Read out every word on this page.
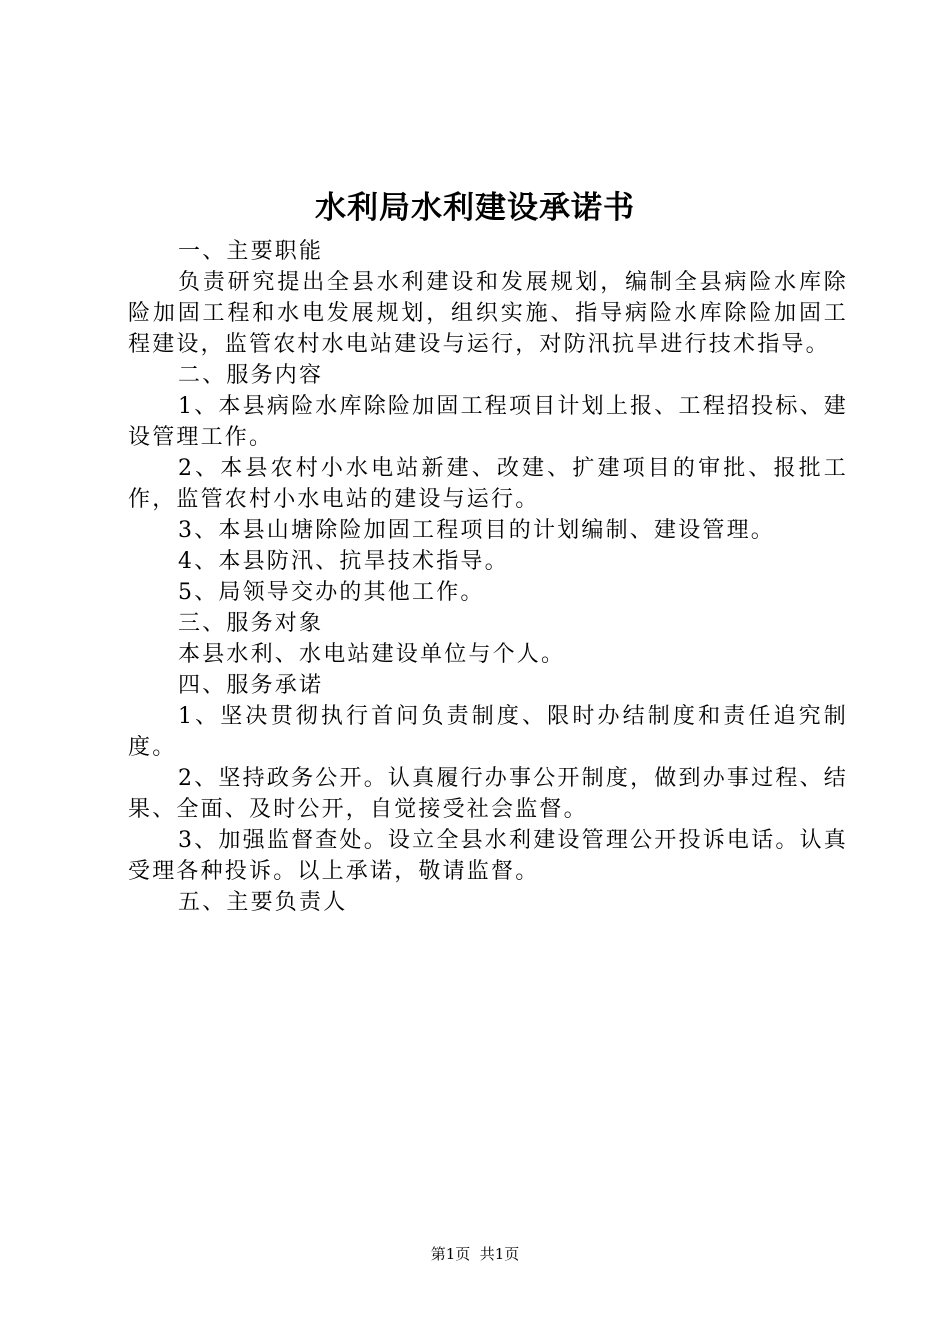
水利局水利建设承诺书

一、主要职能

负责研究提出全县水利建设和发展规划，编制全县病险水库除险加固工程和水电发展规划，组织实施、指导病险水库除险加固工程建设，监管农村水电站建设与运行，对防汛抗旱进行技术指导。

二、服务内容

1、本县病险水库除险加固工程项目计划上报、工程招投标、建设管理工作。

2、本县农村小水电站新建、改建、扩建项目的审批、报批工作，监管农村小水电站的建设与运行。

3、本县山塘除险加固工程项目的计划编制、建设管理。

4、本县防汛、抗旱技术指导。

5、局领导交办的其他工作。

三、服务对象

本县水利、水电站建设单位与个人。

四、服务承诺

1、坚决贯彻执行首问负责制度、限时办结制度和责任追究制度。

2、坚持政务公开。认真履行办事公开制度，做到办事过程、结果、全面、及时公开，自觉接受社会监督。

3、加强监督查处。设立全县水利建设管理公开投诉电话。认真受理各种投诉。以上承诺，敬请监督。

五、主要负责人

第1页  共1页
